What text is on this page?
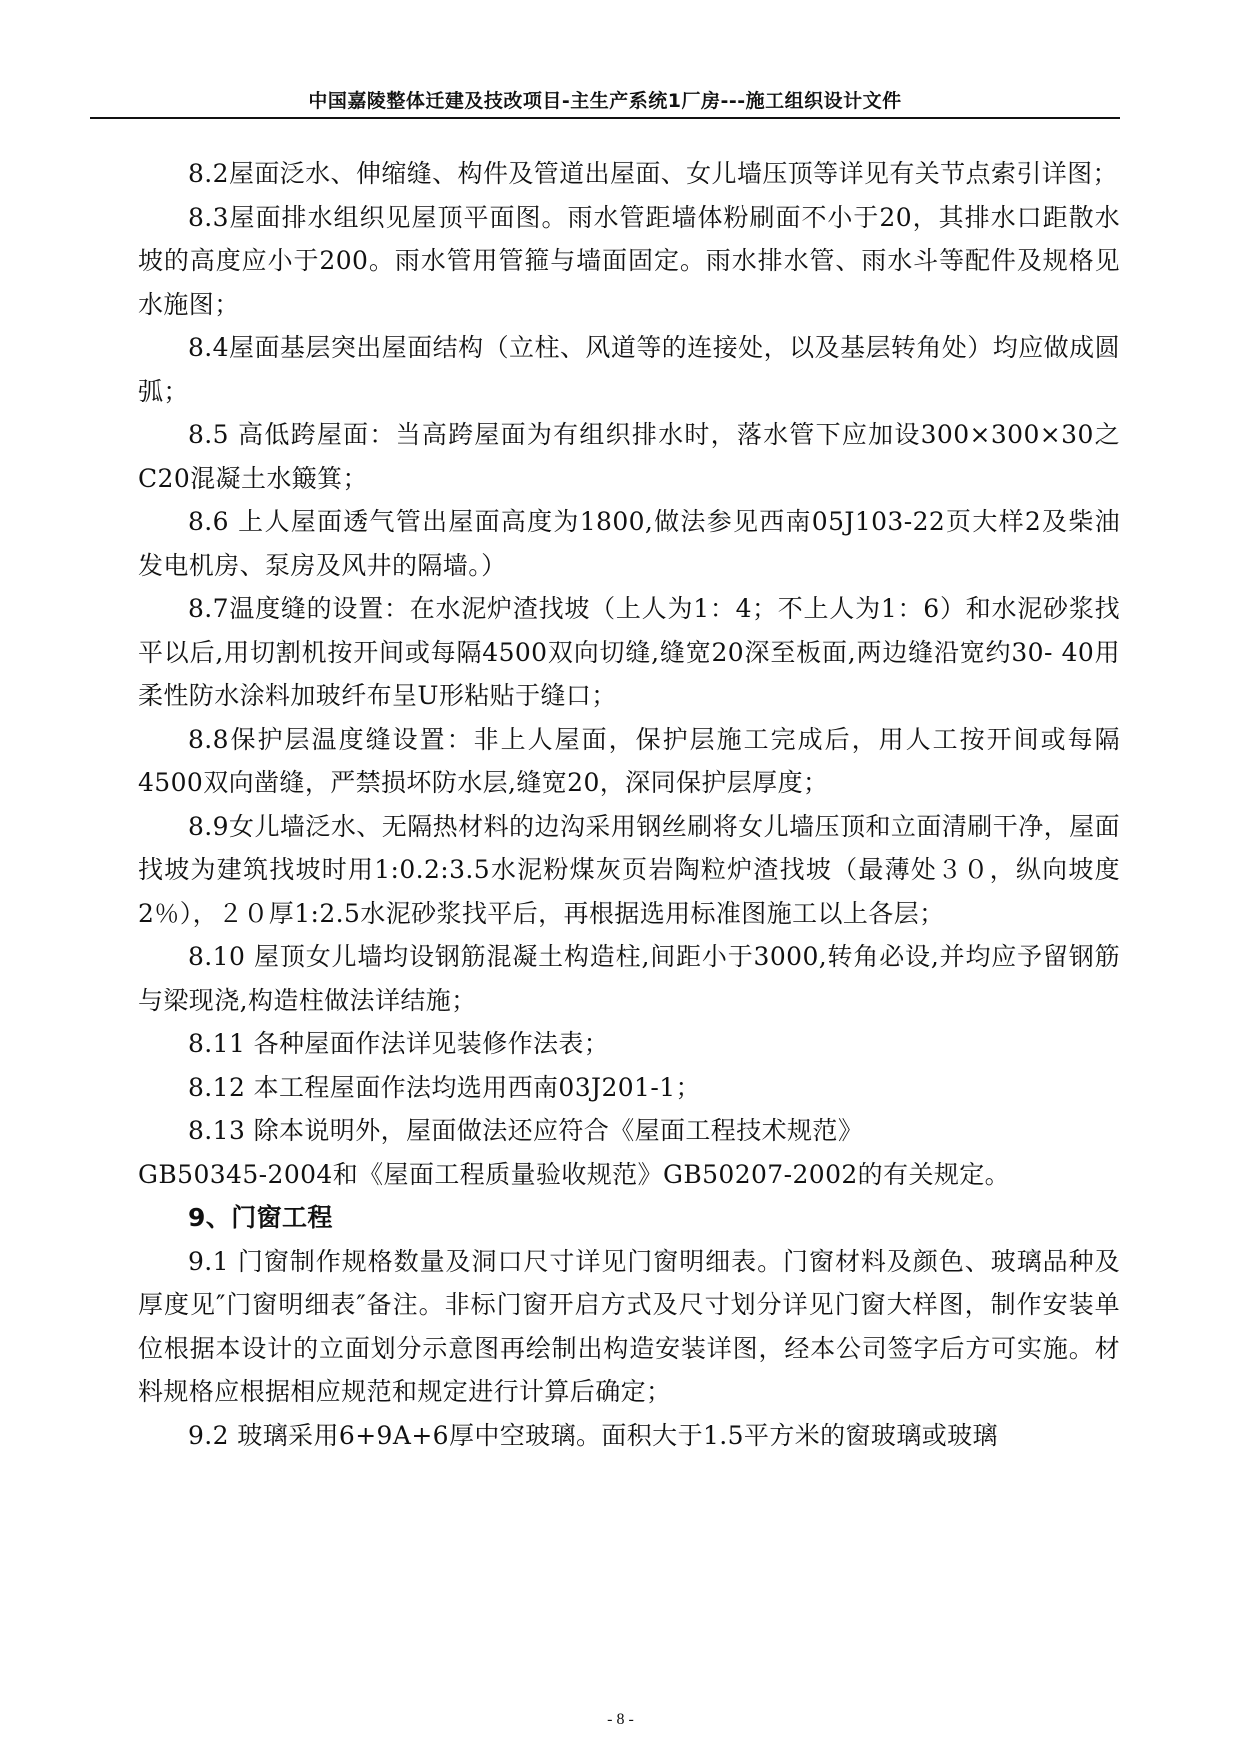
中国嘉陵整体迁建及技改项目-主生产系统1厂房---施工组织设计文件

8.2屋面泛水、伸缩缝、构件及管道出屋面、女儿墙压顶等详见有关节点索引详图；

8.3屋面排水组织见屋顶平面图。雨水管距墙体粉刷面不小于20，其排水口距散水坡的高度应小于200。雨水管用管箍与墙面固定。雨水排水管、雨水斗等配件及规格见水施图；

8.4屋面基层突出屋面结构（立柱、风道等的连接处，以及基层转角处）均应做成圆弧；

8.5 高低跨屋面：当高跨屋面为有组织排水时，落水管下应加设300×300×30之C20混凝土水簸箕；

8.6 上人屋面透气管出屋面高度为1800,做法参见西南05J103-22页大样2及柴油发电机房、泵房及风井的隔墙。）

8.7温度缝的设置：在水泥炉渣找坡（上人为1：4；不上人为1：6）和水泥砂浆找平以后,用切割机按开间或每隔4500双向切缝,缝宽20深至板面,两边缝沿宽约30- 40用柔性防水涂料加玻纤布呈U形粘贴于缝口；

8.8保护层温度缝设置：非上人屋面，保护层施工完成后，用人工按开间或每隔4500双向凿缝，严禁损坏防水层,缝宽20，深同保护层厚度；

8.9女儿墙泛水、无隔热材料的边沟采用钢丝刷将女儿墙压顶和立面清刷干净，屋面找坡为建筑找坡时用1:0.2:3.5水泥粉煤灰页岩陶粒炉渣找坡（最薄处３０，纵向坡度2％），２０厚1:2.5水泥砂浆找平后，再根据选用标准图施工以上各层；

8.10 屋顶女儿墙均设钢筋混凝土构造柱,间距小于3000,转角必设,并均应予留钢筋与梁现浇,构造柱做法详结施；

8.11 各种屋面作法详见装修作法表；

8.12 本工程屋面作法均选用西南03J201-1；

8.13 除本说明外，屋面做法还应符合《屋面工程技术规范》
GB50345-2004和《屋面工程质量验收规范》GB50207-2002的有关规定。

9、门窗工程

9.1 门窗制作规格数量及洞口尺寸详见门窗明细表。门窗材料及颜色、玻璃品种及厚度见″门窗明细表″备注。非标门窗开启方式及尺寸划分详见门窗大样图，制作安装单位根据本设计的立面划分示意图再绘制出构造安装详图，经本公司签字后方可实施。材料规格应根据相应规范和规定进行计算后确定；

9.2 玻璃采用6+9A+6厚中空玻璃。面积大于1.5平方米的窗玻璃或玻璃

- 8 -
